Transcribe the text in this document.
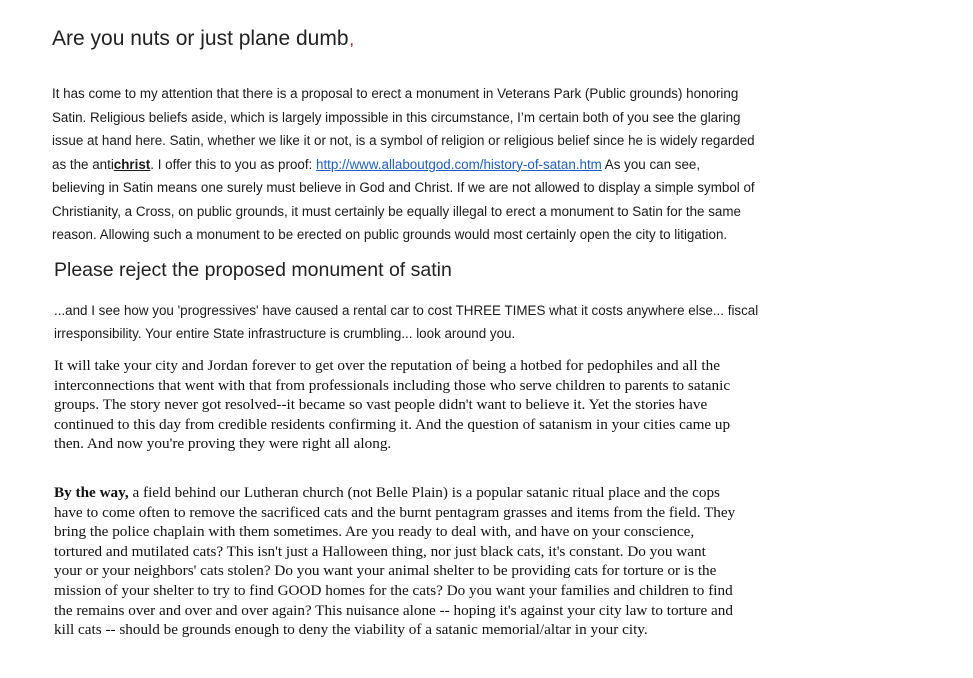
Are you nuts or just plane dumb,
It has come to my attention that there is a proposal to erect a monument in Veterans Park (Public grounds) honoring
Satin. Religious beliefs aside, which is largely impossible in this circumstance, I’m certain both of you see the glaring
issue at hand here. Satin, whether we like it or not, is a symbol of religion or religious belief since he is widely regarded
as the antichrist. I offer this to you as proof: http://www.allaboutgod.com/history-of-satan.htm As you can see,
believing in Satin means one surely must believe in God and Christ. If we are not allowed to display a simple symbol of
Christianity, a Cross, on public grounds, it must certainly be equally illegal to erect a monument to Satin for the same
reason. Allowing such a monument to be erected on public grounds would most certainly open the city to litigation.
Please reject the proposed monument of satin
...and I see how you 'progressives' have caused a rental car to cost THREE TIMES what it costs anywhere else... fiscal
irresponsibility. Your entire State infrastructure is crumbling... look around you.
It will take your city and Jordan forever to get over the reputation of being a hotbed for pedophiles and all the
interconnections that went with that from professionals including those who serve children to parents to satanic
groups. The story never got resolved--it became so vast people didn't want to believe it. Yet the stories have
continued to this day from credible residents confirming it. And the question of satanism in your cities came up
then. And now you're proving they were right all along.
By the way, a field behind our Lutheran church (not Belle Plain) is a popular satanic ritual place and the cops
have to come often to remove the sacrificed cats and the burnt pentagram grasses and items from the field. They
bring the police chaplain with them sometimes. Are you ready to deal with, and have on your conscience,
tortured and mutilated cats? This isn't just a Halloween thing, nor just black cats, it's constant. Do you want
your or your neighbors' cats stolen? Do you want your animal shelter to be providing cats for torture or is the
mission of your shelter to try to find GOOD homes for the cats? Do you want your families and children to find
the remains over and over and over again? This nuisance alone -- hoping it's against your city law to torture and
kill cats -- should be grounds enough to deny the viability of a satanic memorial/altar in your city.
